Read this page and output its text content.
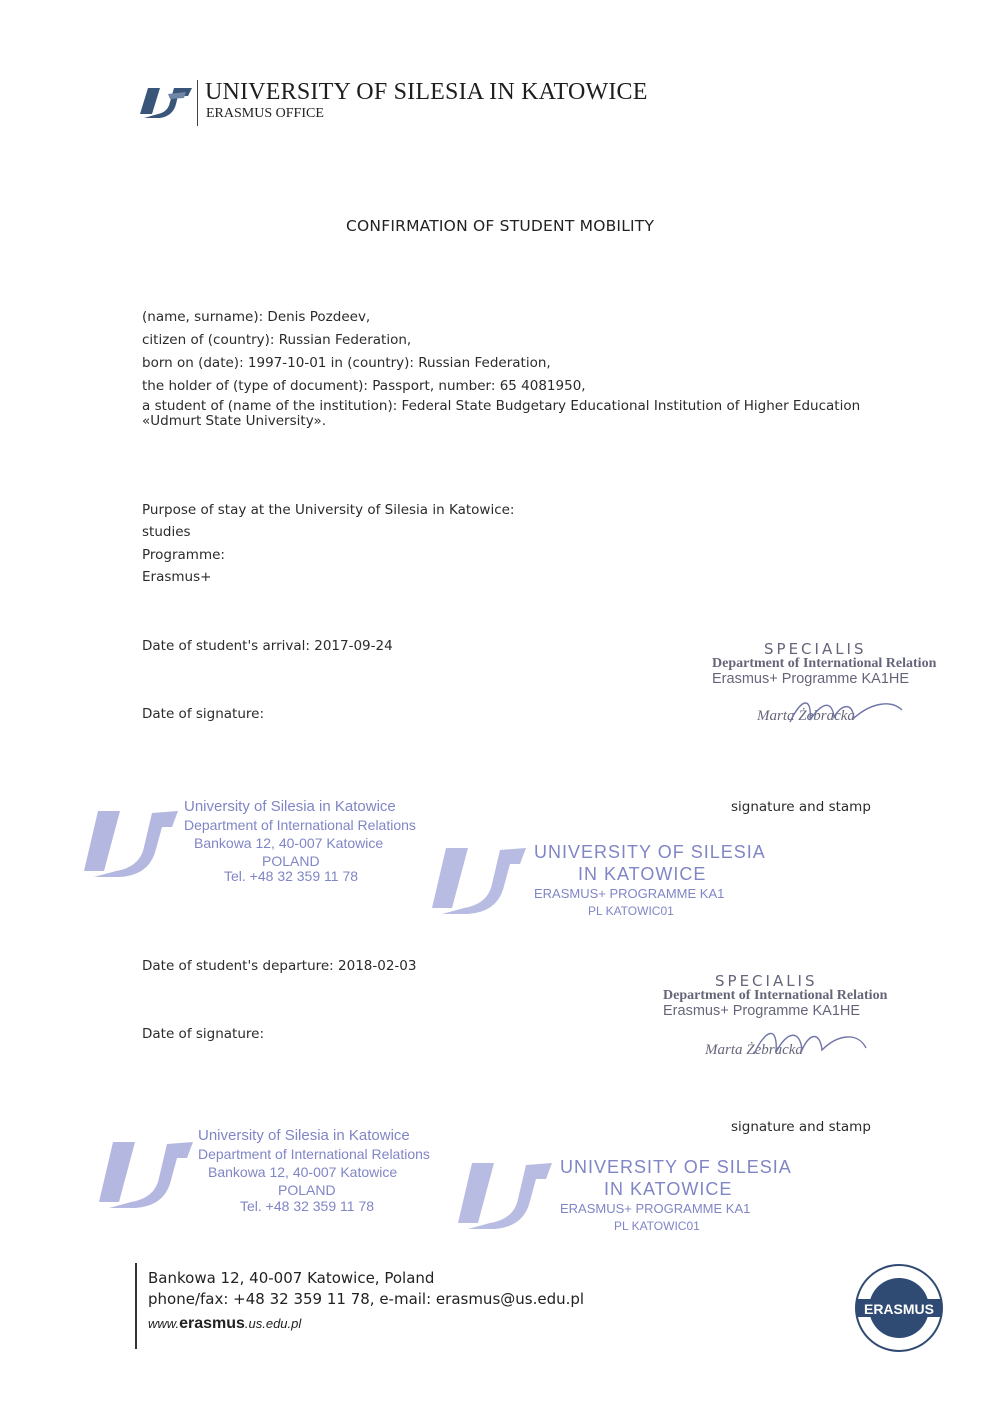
UNIVERSITY OF SILESIA IN KATOWICE
ERASMUS OFFICE
CONFIRMATION OF STUDENT MOBILITY
(name, surname): Denis Pozdeev,
citizen of (country): Russian Federation,
born on (date): 1997-10-01 in (country): Russian Federation,
the holder of (type of document): Passport, number: 65 4081950,
a student of (name of the institution): Federal State Budgetary Educational Institution of Higher Education
«Udmurt State University».
Purpose of stay at the University of Silesia in Katowice:
studies
Programme:
Erasmus+
Date of student's arrival: 2017-09-24
Date of signature:
signature and stamp
SPECIALIS
Department of International Relation
Erasmus+ Programme KA1HE
Marta Żebracka
University of Silesia in Katowice
Department of International Relations
Bankowa 12, 40-007 Katowice
POLAND
Tel. +48 32 359 11 78
UNIVERSITY OF SILESIA
IN KATOWICE
ERASMUS+ PROGRAMME KA1
PL KATOWIC01
Date of student's departure: 2018-02-03
Date of signature:
signature and stamp
SPECIALIS
Department of International Relation
Erasmus+ Programme KA1HE
Marta Żebracka
University of Silesia in Katowice
Department of International Relations
Bankowa 12, 40-007 Katowice
POLAND
Tel. +48 32 359 11 78
UNIVERSITY OF SILESIA
IN KATOWICE
ERASMUS+ PROGRAMME KA1
PL KATOWIC01
Bankowa 12, 40-007 Katowice, Poland
phone/fax: +48 32 359 11 78, e-mail: erasmus@us.edu.pl
www.erasmus.us.edu.pl
ERASMUS
